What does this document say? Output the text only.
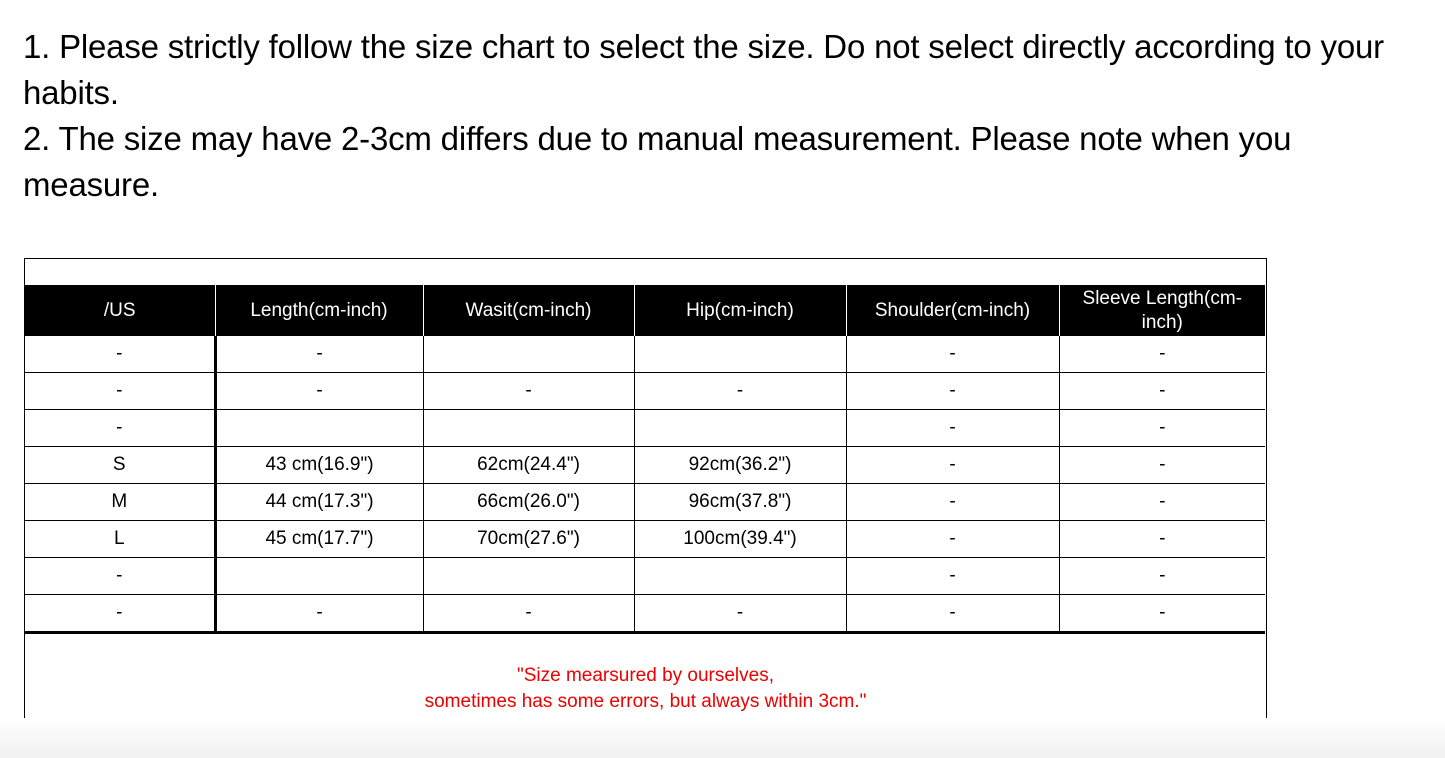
1. Please strictly follow the size chart to select the size. Do not select directly according to your habits.

2. The size may have 2-3cm differs due to manual measurement. Please note when you measure.

/US	Length(cm-inch)	Wasit(cm-inch)	Hip(cm-inch)	Shoulder(cm-inch)	Sleeve Length(cm-inch)
-	-			-	-
-	-	-	-	-	-
-				-	-
S	43 cm(16.9")	62cm(24.4")	92cm(36.2")	-	-
M	44 cm(17.3")	66cm(26.0")	96cm(37.8")	-	-
L	45 cm(17.7")	70cm(27.6")	100cm(39.4")	-	-
-				-	-
-	-	-	-	-	-
"Size mearsured by ourselves,
sometimes has some errors, but always within 3cm."
